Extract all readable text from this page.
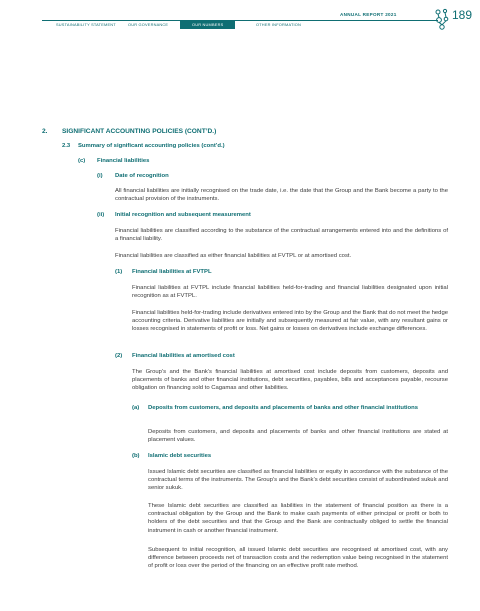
ANNUAL REPORT 2021	189
SUSTAINABILITY STATEMENT	OUR GOVERNANCE	OUR NUMBERS	OTHER INFORMATION
2. SIGNIFICANT ACCOUNTING POLICIES (CONT’D.)
2.3 Summary of significant accounting policies (cont’d.)
(c) Financial liabilities
(i) Date of recognition
All financial liabilities are initially recognised on the trade date, i.e. the date that the Group and the Bank become a party to the contractual provision of the instruments.
(ii) Initial recognition and subsequent measurement
Financial liabilities are classified according to the substance of the contractual arrangements entered into and the definitions of a financial liability.
Financial liabilities are classified as either financial liabilities at FVTPL or at amortised cost.
(1) Financial liabilities at FVTPL
Financial liabilities at FVTPL include financial liabilities held-for-trading and financial liabilities designated upon initial recognition as at FVTPL.
Financial liabilities held-for-trading include derivatives entered into by the Group and the Bank that do not meet the hedge accounting criteria. Derivative liabilities are initially and subsequently measured at fair value, with any resultant gains or losses recognised in statements of profit or loss. Net gains or losses on derivatives include exchange differences.
(2) Financial liabilities at amortised cost
The Group’s and the Bank’s financial liabilities at amortised cost include deposits from customers, deposits and placements of banks and other financial institutions, debt securities, payables, bills and acceptances payable, recourse obligation on financing sold to Cagamas and other liabilities.
(a) Deposits from customers, and deposits and placements of banks and other financial institutions
Deposits from customers, and deposits and placements of banks and other financial institutions are stated at placement values.
(b) Islamic debt securities
Issued Islamic debt securities are classified as financial liabilities or equity in accordance with the substance of the contractual terms of the instruments. The Group’s and the Bank’s debt securities consist of subordinated sukuk and senior sukuk.
These Islamic debt securities are classified as liabilities in the statement of financial position as there is a contractual obligation by the Group and the Bank to make cash payments of either principal or profit or both to holders of the debt securities and that the Group and the Bank are contractually obliged to settle the financial instrument in cash or another financial instrument.
Subsequent to initial recognition, all issued Islamic debt securities are recognised at amortised cost, with any difference between proceeds net of transaction costs and the redemption value being recognised in the statement of profit or loss over the period of the financing on an effective profit rate method.
